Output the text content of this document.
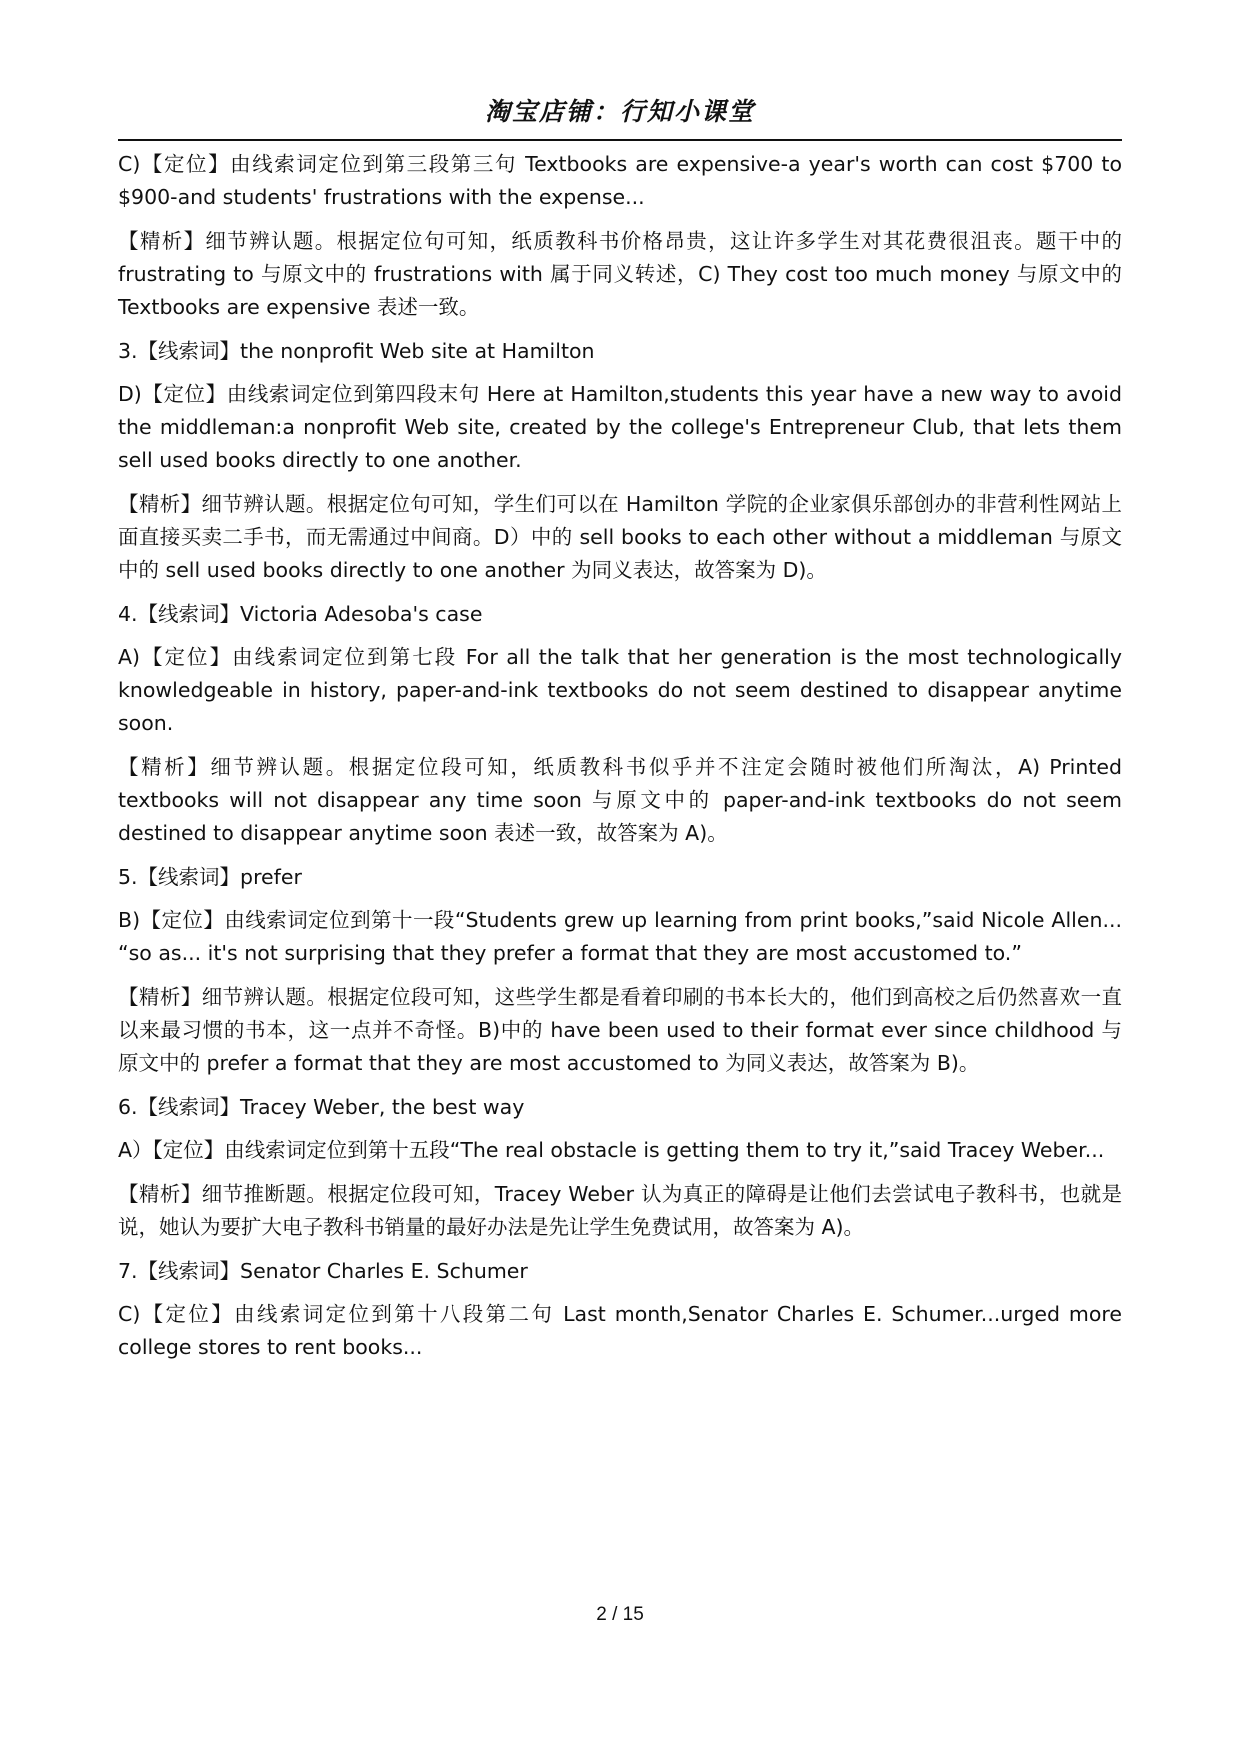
淘宝店铺：行知小课堂

C)【定位】由线索词定位到第三段第三句 Textbooks are expensive-a year's worth can cost $700 to $900-and students' frustrations with the expense...

【精析】细节辨认题。根据定位句可知，纸质教科书价格昂贵，这让许多学生对其花费很沮丧。题干中的 frustrating to 与原文中的 frustrations with 属于同义转述，C) They cost too much money 与原文中的 Textbooks are expensive 表述一致。

3.【线索词】the nonprofit Web site at Hamilton

D)【定位】由线索词定位到第四段末句 Here at Hamilton,students this year have a new way to avoid the middleman:a nonprofit Web site, created by the college's Entrepreneur Club, that lets them sell used books directly to one another.

【精析】细节辨认题。根据定位句可知，学生们可以在 Hamilton 学院的企业家俱乐部创办的非营利性网站上面直接买卖二手书，而无需通过中间商。D）中的 sell books to each other without a middleman 与原文中的 sell used books directly to one another 为同义表达，故答案为 D)。

4.【线索词】Victoria Adesoba's case

A)【定位】由线索词定位到第七段 For all the talk that her generation is the most technologically knowledgeable in history, paper-and-ink textbooks do not seem destined to disappear anytime soon.

【精析】细节辨认题。根据定位段可知，纸质教科书似乎并不注定会随时被他们所淘汰，A) Printed textbooks will not disappear any time soon 与原文中的 paper-and-ink textbooks do not seem destined to disappear anytime soon 表述一致，故答案为 A)。

5.【线索词】prefer

B)【定位】由线索词定位到第十一段“Students grew up learning from print books,”said Nicole Allen... “so as... it's not surprising that they prefer a format that they are most accustomed to.”

【精析】细节辨认题。根据定位段可知，这些学生都是看着印刷的书本长大的，他们到高校之后仍然喜欢一直以来最习惯的书本，这一点并不奇怪。B)中的 have been used to their format ever since childhood 与原文中的 prefer a format that they are most accustomed to 为同义表达，故答案为 B)。

6.【线索词】Tracey Weber, the best way

A）【定位】由线索词定位到第十五段“The real obstacle is getting them to try it,”said Tracey Weber...

【精析】细节推断题。根据定位段可知，Tracey Weber 认为真正的障碍是让他们去尝试电子教科书，也就是说，她认为要扩大电子教科书销量的最好办法是先让学生免费试用，故答案为 A)。

7.【线索词】Senator Charles E. Schumer

C)【定位】由线索词定位到第十八段第二句 Last month,Senator Charles E. Schumer...urged more college stores to rent books...

2 / 15
